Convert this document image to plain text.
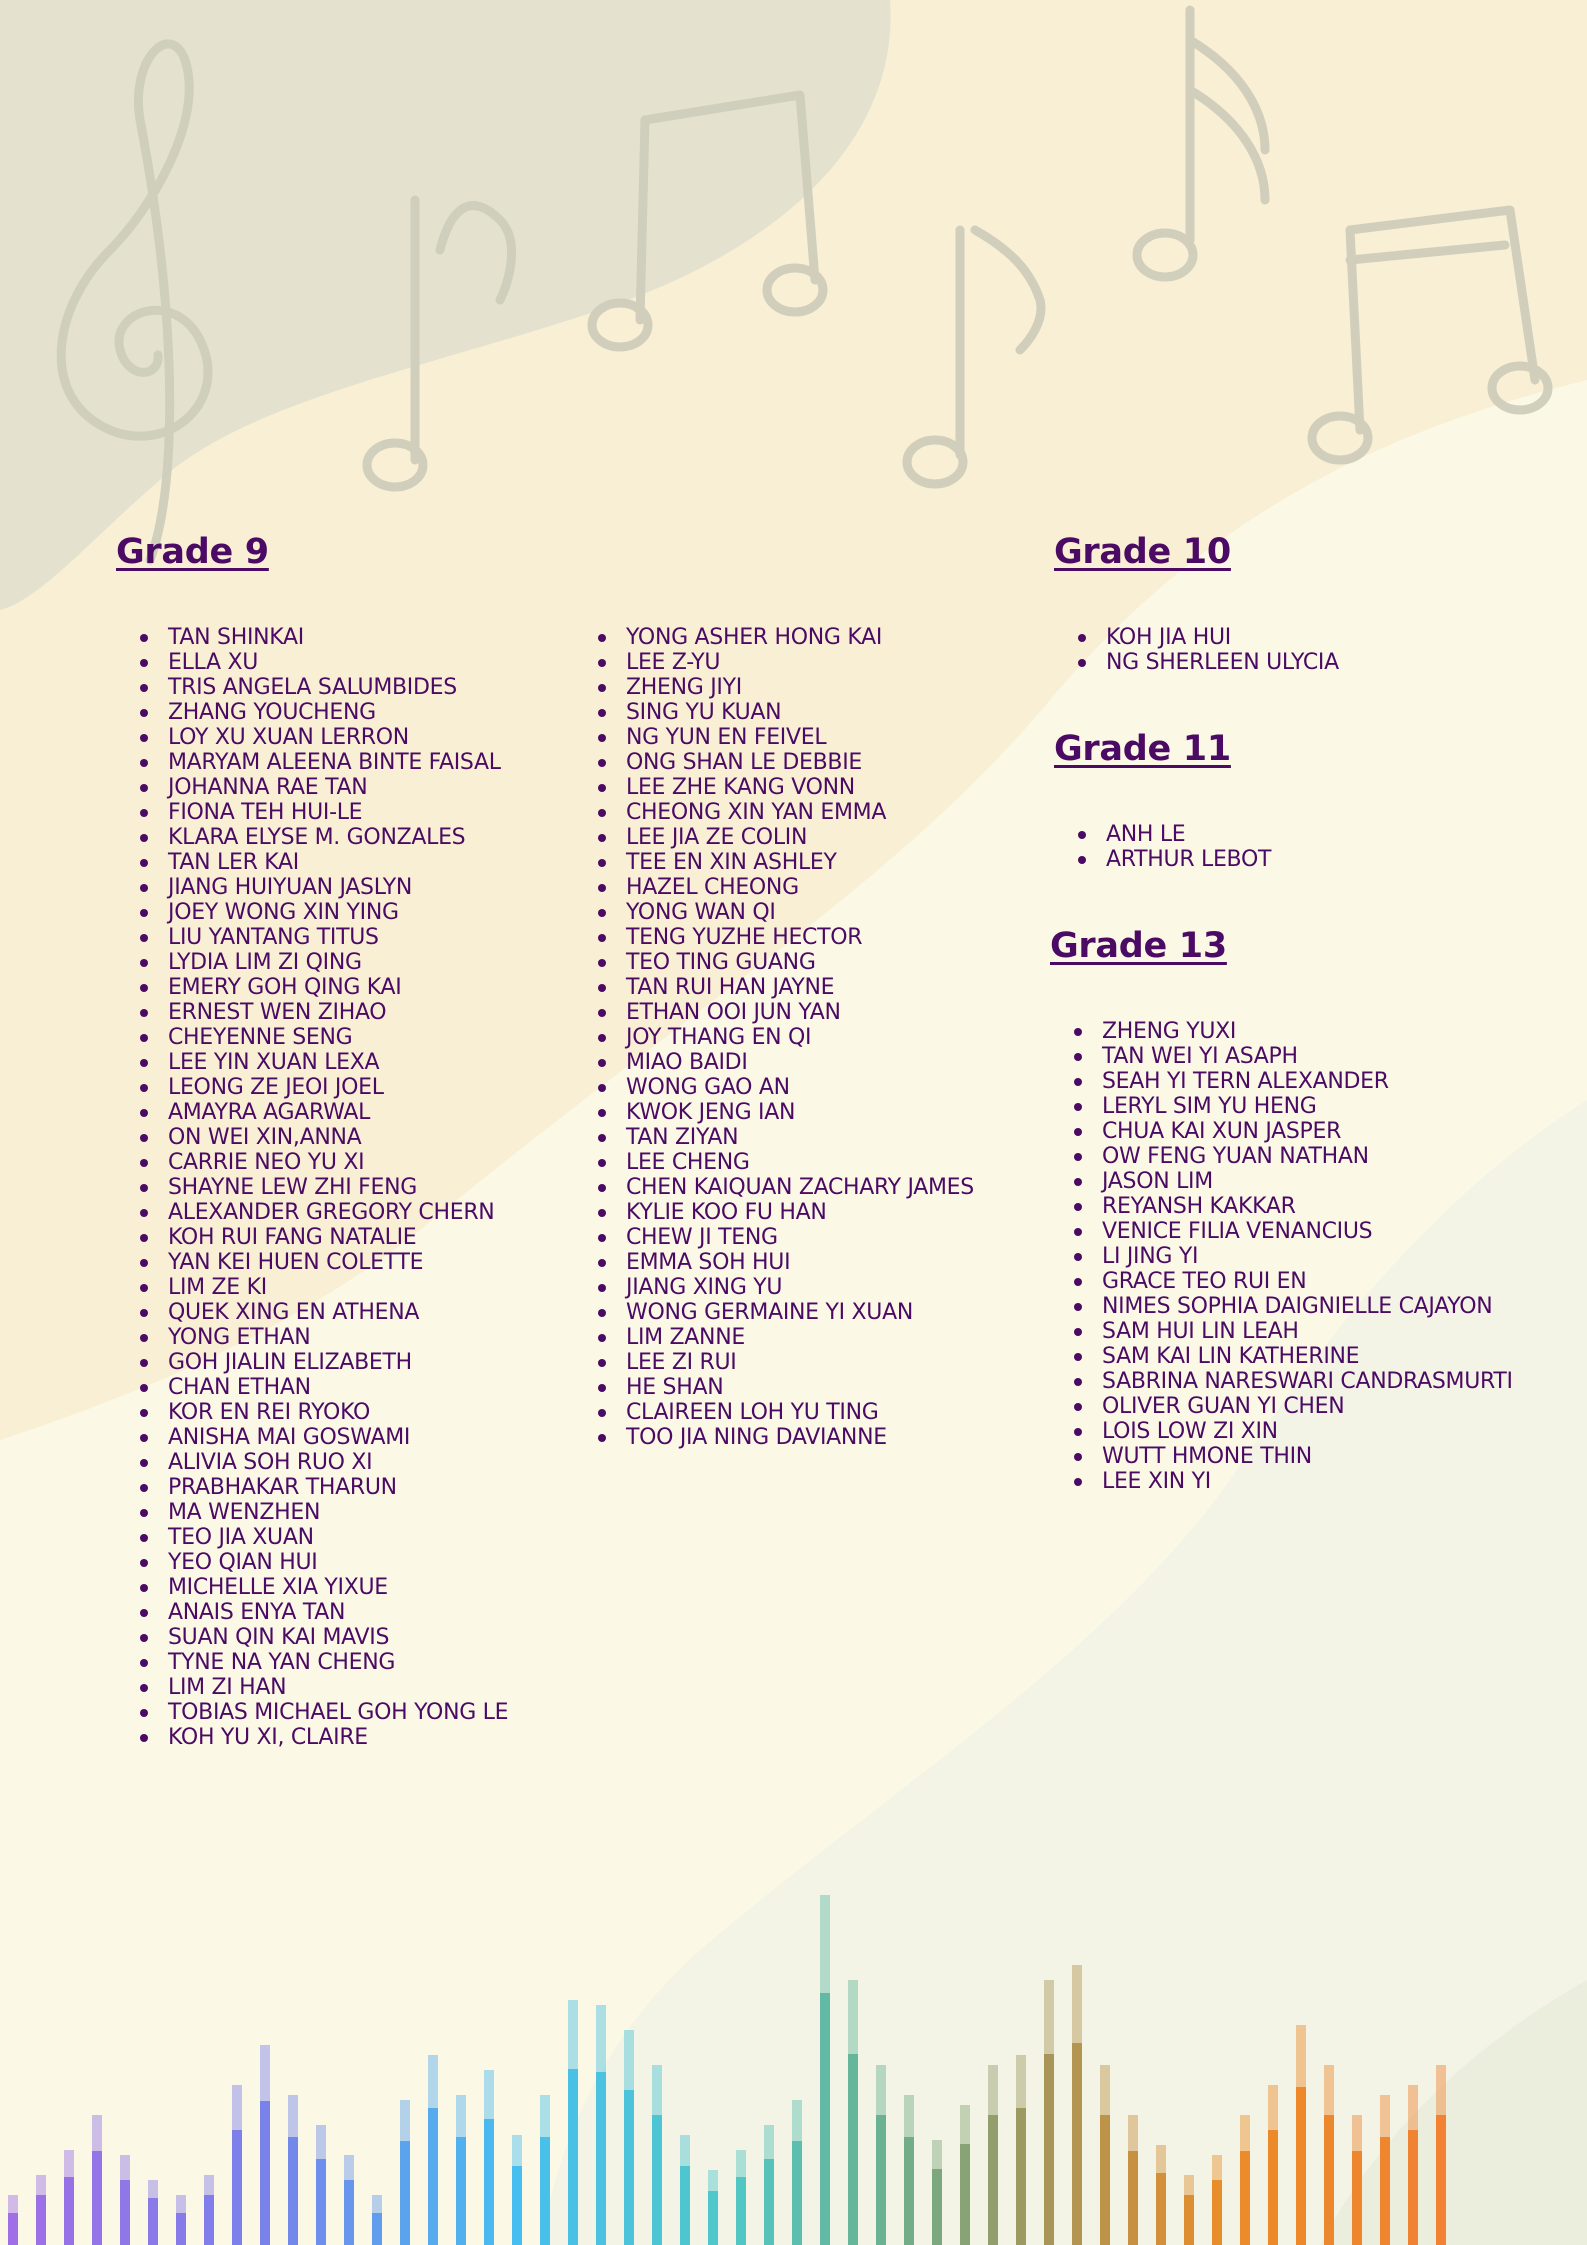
Grade 9
TAN SHINKAI
ELLA XU
TRIS ANGELA SALUMBIDES
ZHANG YOUCHENG
LOY XU XUAN LERRON
MARYAM ALEENA BINTE FAISAL
JOHANNA RAE TAN
FIONA TEH HUI-LE
KLARA ELYSE M. GONZALES
TAN LER KAI
JIANG HUIYUAN JASLYN
JOEY WONG XIN YING
LIU YANTANG TITUS
LYDIA LIM ZI QING
EMERY GOH QING KAI
ERNEST WEN ZIHAO
CHEYENNE SENG
LEE YIN XUAN LEXA
LEONG ZE JEOI JOEL
AMAYRA AGARWAL
ON WEI XIN,ANNA
CARRIE NEO YU XI
SHAYNE LEW ZHI FENG
ALEXANDER GREGORY CHERN
KOH RUI FANG NATALIE
YAN KEI HUEN COLETTE
LIM ZE KI
QUEK XING EN ATHENA
YONG ETHAN
GOH JIALIN ELIZABETH
CHAN ETHAN
KOR EN REI RYOKO
ANISHA MAI GOSWAMI
ALIVIA SOH RUO XI
PRABHAKAR THARUN
MA WENZHEN
TEO JIA XUAN
YEO QIAN HUI
MICHELLE XIA YIXUE
ANAIS ENYA TAN
SUAN QIN KAI MAVIS
TYNE NA YAN CHENG
LIM ZI HAN
TOBIAS MICHAEL GOH YONG LE
KOH YU XI, CLAIRE
YONG ASHER HONG KAI
LEE Z-YU
ZHENG JIYI
SING YU KUAN
NG YUN EN FEIVEL
ONG SHAN LE DEBBIE
LEE ZHE KANG VONN
CHEONG XIN YAN EMMA
LEE JIA ZE COLIN
TEE EN XIN ASHLEY
HAZEL CHEONG
YONG WAN QI
TENG YUZHE HECTOR
TEO TING GUANG
TAN RUI HAN JAYNE
ETHAN OOI JUN YAN
JOY THANG EN QI
MIAO BAIDI
WONG GAO AN
KWOK JENG IAN
TAN ZIYAN
LEE CHENG
CHEN KAIQUAN ZACHARY JAMES
KYLIE KOO FU HAN
CHEW JI TENG
EMMA SOH HUI
JIANG XING YU
WONG GERMAINE YI XUAN
LIM ZANNE
LEE ZI RUI
HE SHAN
CLAIREEN LOH YU TING
TOO JIA NING DAVIANNE
Grade 10
KOH JIA HUI
NG SHERLEEN ULYCIA
Grade 11
ANH LE
ARTHUR LEBOT
Grade 13
ZHENG YUXI
TAN WEI YI ASAPH
SEAH YI TERN ALEXANDER
LERYL SIM YU HENG
CHUA KAI XUN JASPER
OW FENG YUAN NATHAN
JASON LIM
REYANSH KAKKAR
VENICE FILIA VENANCIUS
LI JING YI
GRACE TEO RUI EN
NIMES SOPHIA DAIGNIELLE CAJAYON
SAM HUI LIN LEAH
SAM KAI LIN KATHERINE
SABRINA NARESWARI CANDRASMURTI
OLIVER GUAN YI CHEN
LOIS LOW ZI XIN
WUTT HMONE THIN
LEE XIN YI
